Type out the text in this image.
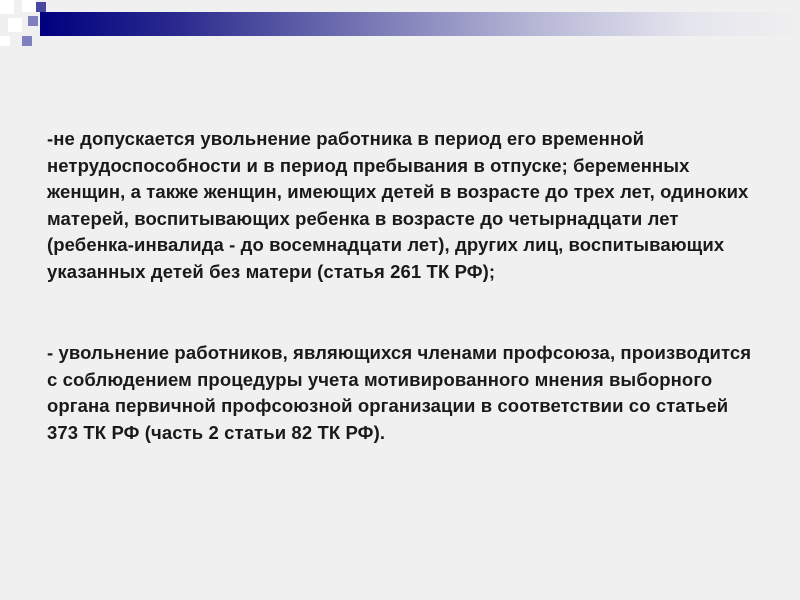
-не допускается увольнение работника в период его временной нетрудоспособности и в период пребывания в отпуске; беременных женщин, а также женщин, имеющих детей в возрасте до трех лет, одиноких матерей, воспитывающих ребенка в возрасте до четырнадцати лет (ребенка-инвалида - до восемнадцати лет), других лиц, воспитывающих указанных детей без матери (статья 261 ТК РФ);

- увольнение работников, являющихся членами профсоюза, производится с соблюдением процедуры учета мотивированного мнения выборного органа первичной профсоюзной организации в соответствии со статьей 373 ТК РФ (часть 2 статьи 82 ТК РФ).
